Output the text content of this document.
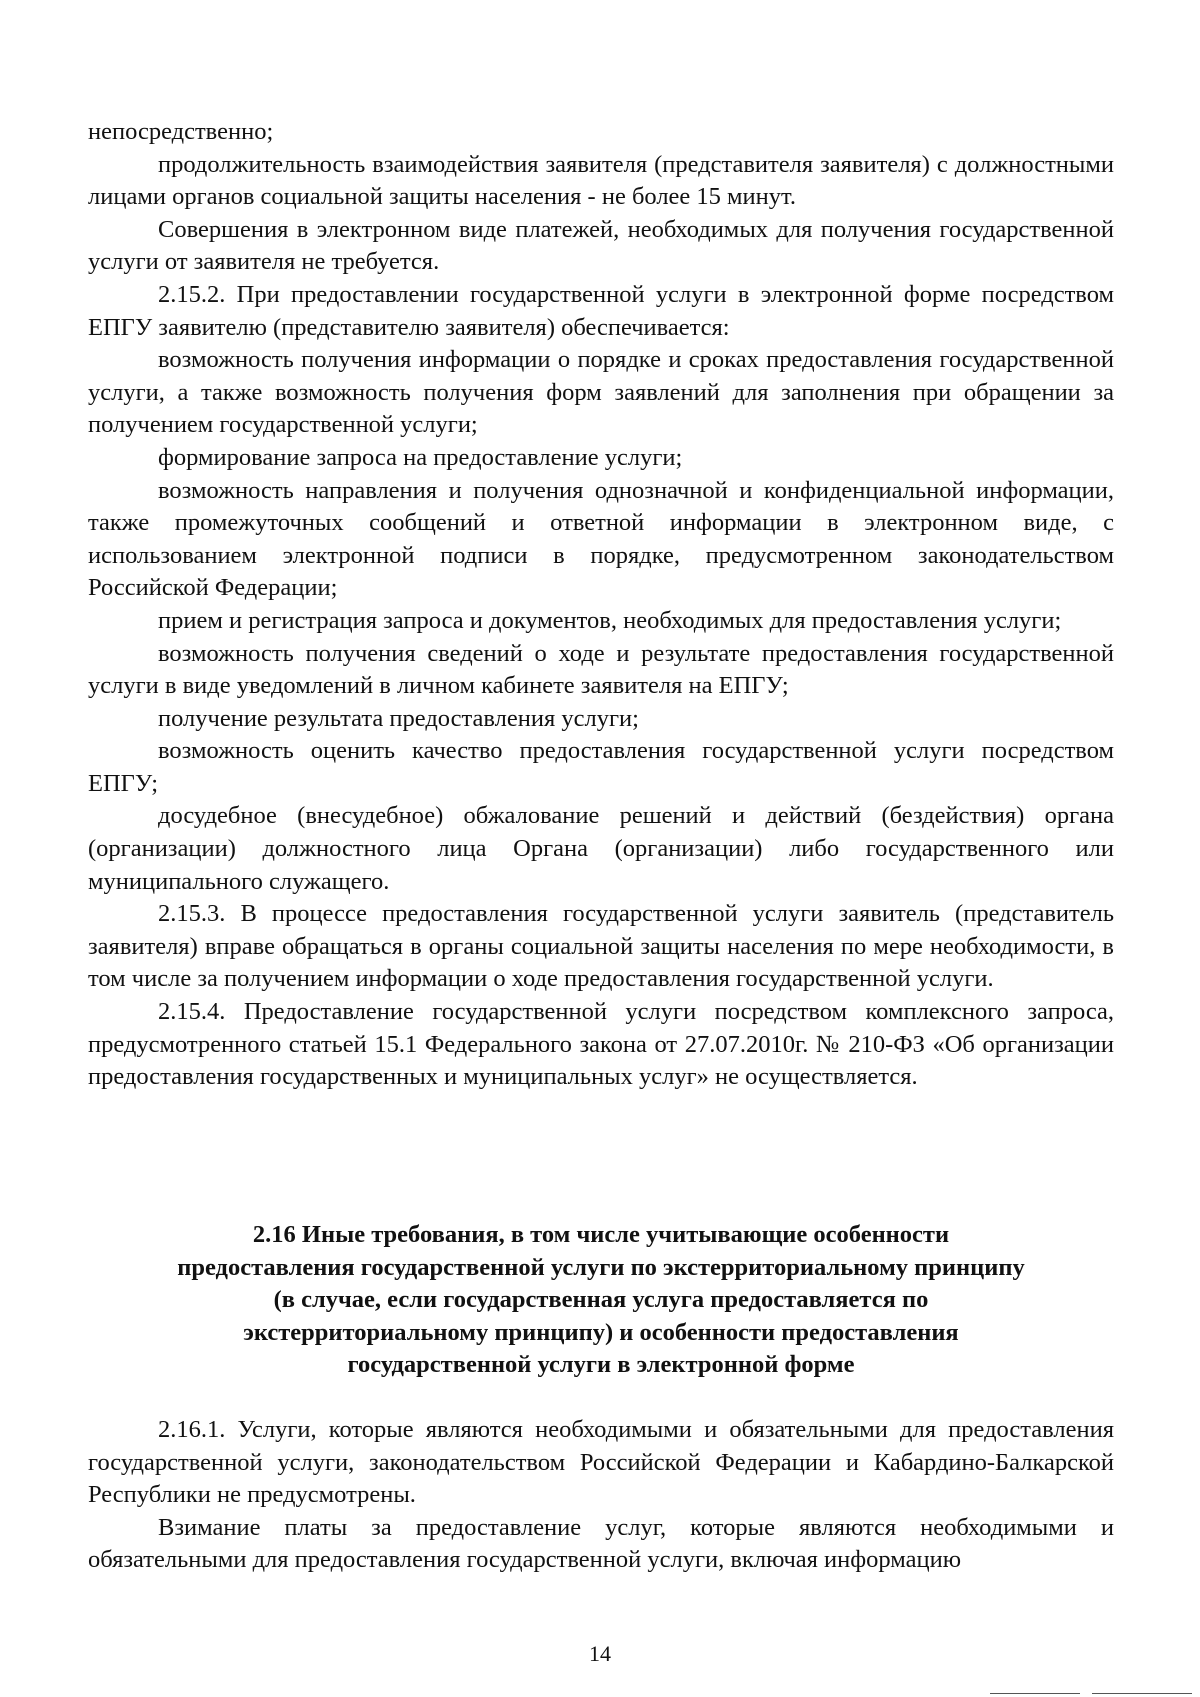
непосредственно;

продолжительность взаимодействия заявителя (представителя заявителя) с должностными лицами органов социальной защиты населения - не более 15 минут.

Совершения в электронном виде платежей, необходимых для получения государственной услуги от заявителя не требуется.

2.15.2. При предоставлении государственной услуги в электронной форме посредством ЕПГУ заявителю (представителю заявителя) обеспечивается:

возможность получения информации о порядке и сроках предоставления государственной услуги, а также возможность получения форм заявлений для заполнения при обращении за получением государственной услуги;

формирование запроса на предоставление услуги;

возможность направления и получения однозначной и конфиденциальной информации, также промежуточных сообщений и ответной информации в электронном виде, с использованием электронной подписи в порядке, предусмотренном законодательством Российской Федерации;

прием и регистрация запроса и документов, необходимых для предоставления услуги;

возможность получения сведений о ходе и результате предоставления государственной услуги в виде уведомлений в личном кабинете заявителя на ЕПГУ;

получение результата предоставления услуги;

возможность оценить качество предоставления государственной услуги посредством ЕПГУ;

досудебное (внесудебное) обжалование решений и действий (бездействия) органа (организации) должностного лица Органа (организации) либо государственного или муниципального служащего.

2.15.3. В процессе предоставления государственной услуги заявитель (представитель заявителя) вправе обращаться в органы социальной защиты населения по мере необходимости, в том числе за получением информации о ходе предоставления государственной услуги.

2.15.4. Предоставление государственной услуги посредством комплексного запроса, предусмотренного статьей 15.1 Федерального закона от 27.07.2010г. № 210-ФЗ «Об организации предоставления государственных и муниципальных услуг» не осуществляется.

2.16 Иные требования, в том числе учитывающие особенности
предоставления государственной услуги по экстерриториальному принципу
(в случае, если государственная услуга предоставляется по
экстерриториальному принципу) и особенности предоставления
государственной услуги в электронной форме

2.16.1. Услуги, которые являются необходимыми и обязательными для предоставления государственной услуги, законодательством Российской Федерации и Кабардино-Балкарской Республики не предусмотрены.

Взимание платы за предоставление услуг, которые являются необходимыми и обязательными для предоставления государственной услуги, включая информацию

14
